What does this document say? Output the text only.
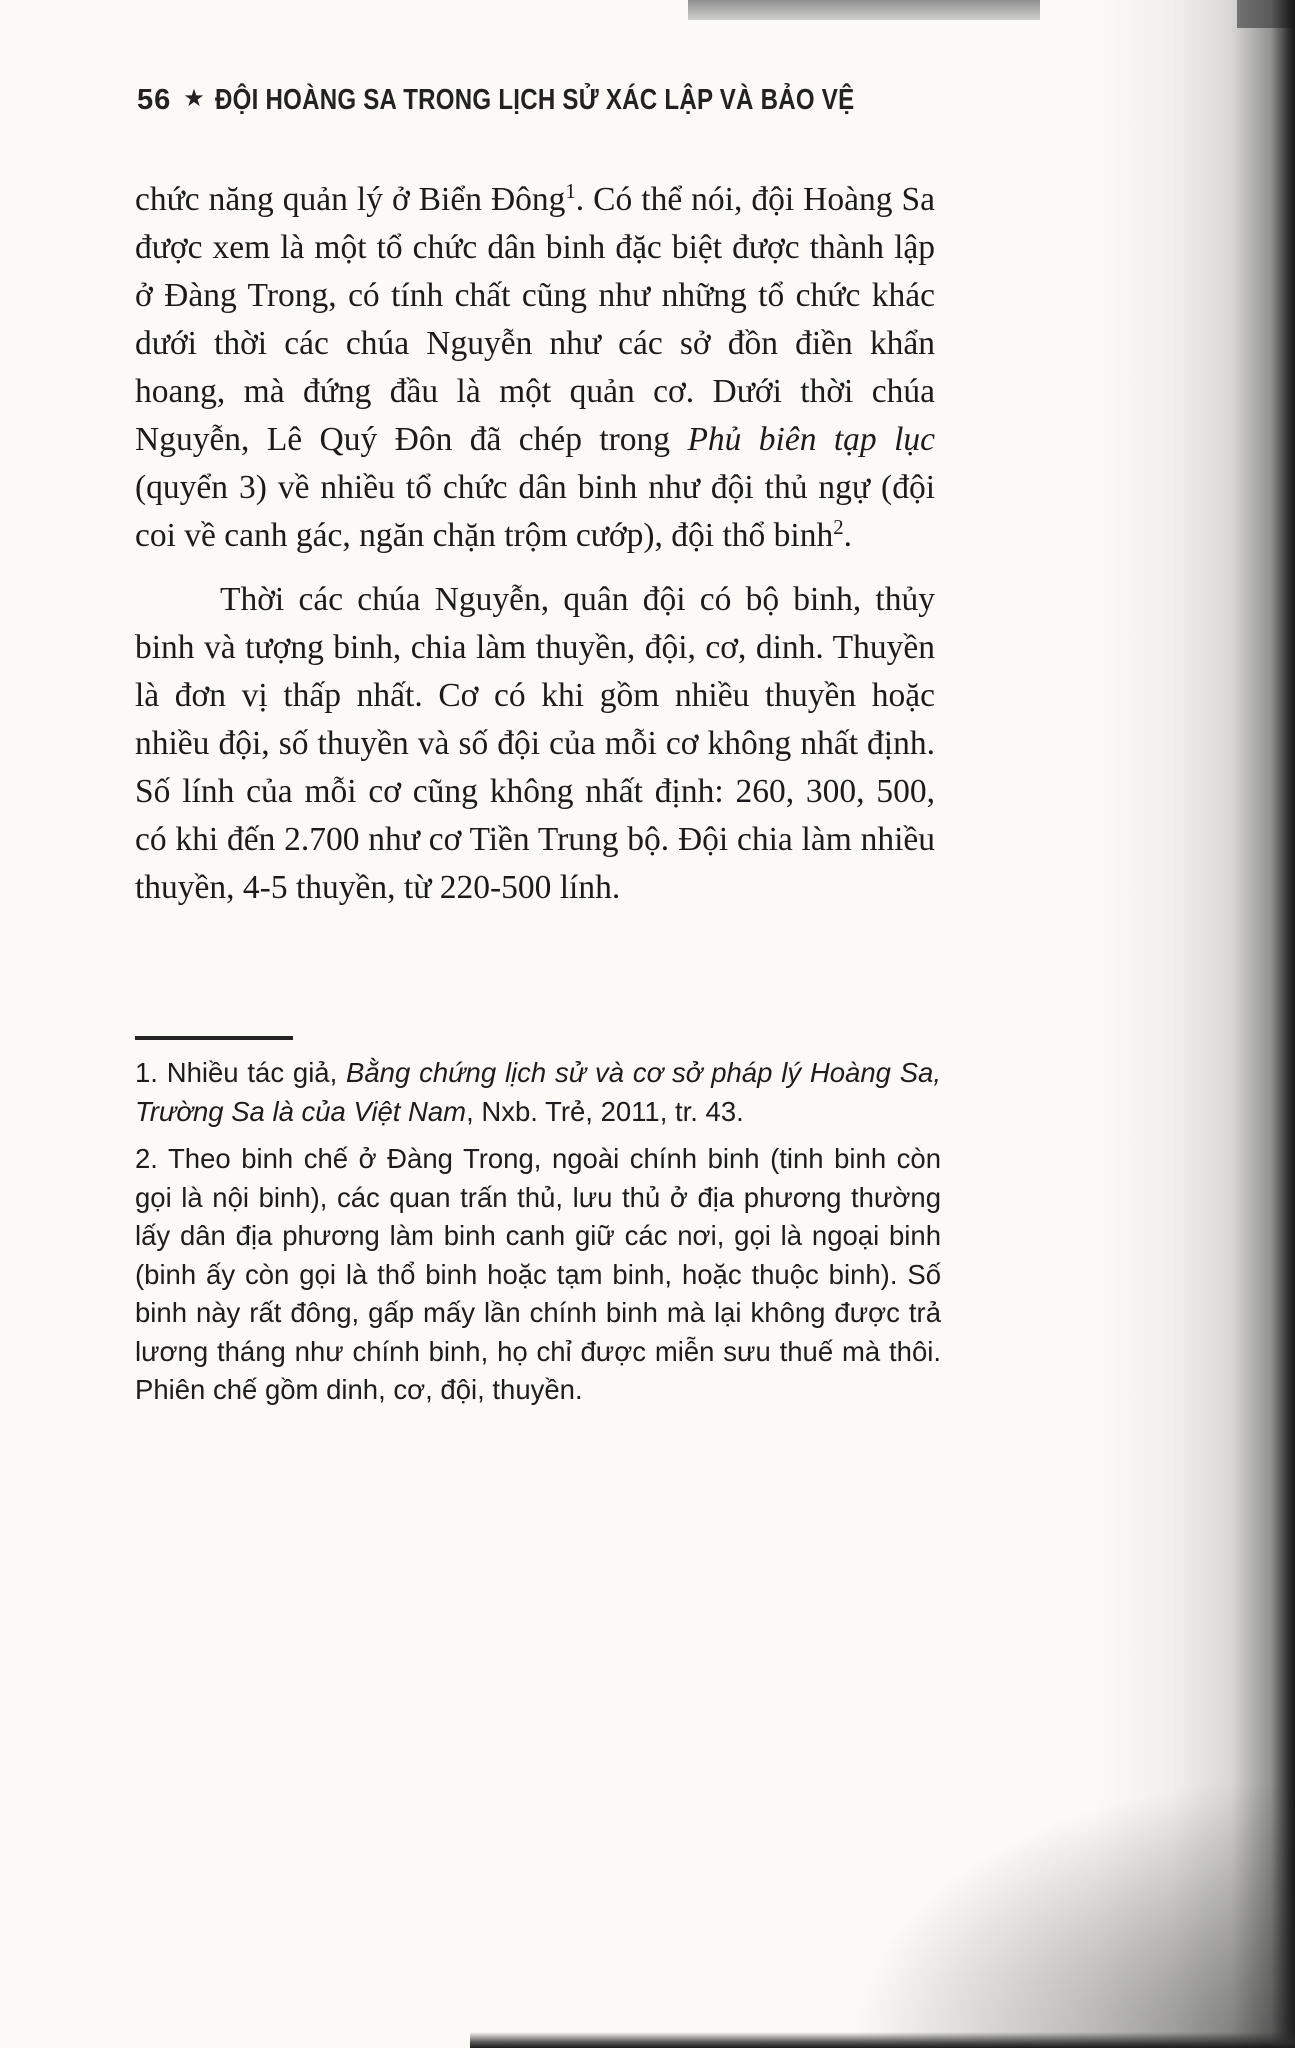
56 ★ ĐỘI HOÀNG SA TRONG LỊCH SỬ XÁC LẬP VÀ BẢO VỆ

chức năng quản lý ở Biển Đông$^1$. Có thể nói, đội Hoàng Sa được xem là một tổ chức dân binh đặc biệt được thành lập ở Đàng Trong, có tính chất cũng như những tổ chức khác dưới thời các chúa Nguyễn như các sở đồn điền khẩn hoang, mà đứng đầu là một quản cơ. Dưới thời chúa Nguyễn, Lê Quý Đôn đã chép trong Phủ biên tạp lục (quyển 3) về nhiều tổ chức dân binh như đội thủ ngự (đội coi về canh gác, ngăn chặn trộm cướp), đội thổ binh$^2$.

Thời các chúa Nguyễn, quân đội có bộ binh, thủy binh và tượng binh, chia làm thuyền, đội, cơ, dinh. Thuyền là đơn vị thấp nhất. Cơ có khi gồm nhiều thuyền hoặc nhiều đội, số thuyền và số đội của mỗi cơ không nhất định. Số lính của mỗi cơ cũng không nhất định: 260, 300, 500, có khi đến 2.700 như cơ Tiền Trung bộ. Đội chia làm nhiều thuyền, 4-5 thuyền, từ 220-500 lính.

1. Nhiều tác giả, Bằng chứng lịch sử và cơ sở pháp lý Hoàng Sa, Trường Sa là của Việt Nam, Nxb. Trẻ, 2011, tr. 43.

2. Theo binh chế ở Đàng Trong, ngoài chính binh (tinh binh còn gọi là nội binh), các quan trấn thủ, lưu thủ ở địa phương thường lấy dân địa phương làm binh canh giữ các nơi, gọi là ngoại binh (binh ấy còn gọi là thổ binh hoặc tạm binh, hoặc thuộc binh). Số binh này rất đông, gấp mấy lần chính binh mà lại không được trả lương tháng như chính binh, họ chỉ được miễn sưu thuế mà thôi. Phiên chế gồm dinh, cơ, đội, thuyền.
